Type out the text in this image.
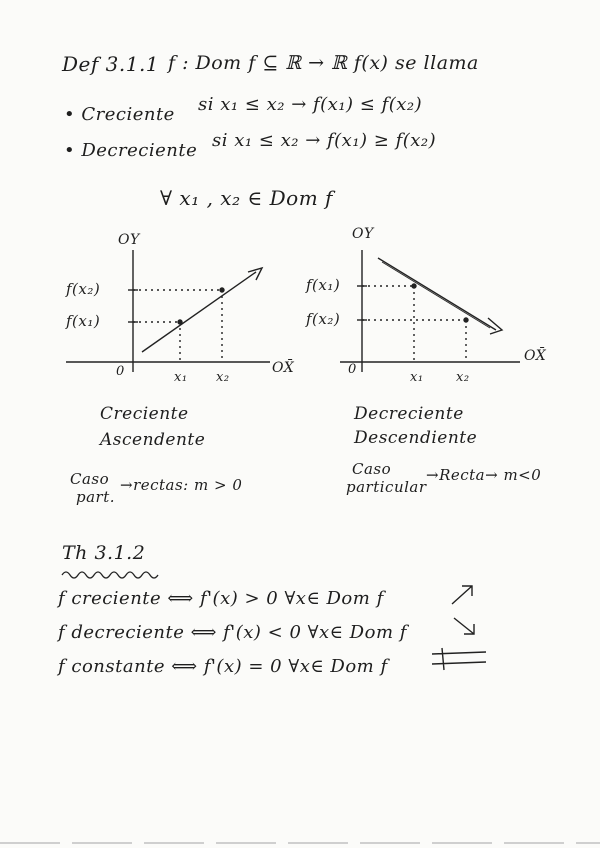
Def 3.1.1 f : Dom f ⊆ ℝ → ℝ f(x) se llama
• Creciente si x₁ ≤ x₂ → f(x₁) ≤ f(x₂)
• Decreciente si x₁ ≤ x₂ → f(x₁) ≥ f(x₂)
∀ x₁ , x₂ ∈ Dom f
OY
f(x₂)
f(x₁)
0	x₁ x₂
OX̄
OY
f(x₁)
f(x₂)
0
x₁ x₂
OX̄
Creciente
Ascendente
Decreciente
Descendiente
Caso
part.
→rectas: m > 0
Caso
particular
→Recta→ m<0
Th 3.1.2
f creciente ⟺ f'(x) > 0 ∀x∈ Dom f
f decreciente ⟺ f'(x) < 0 ∀x∈ Dom f
f constante ⟺ f'(x) = 0 ∀x∈ Dom f
